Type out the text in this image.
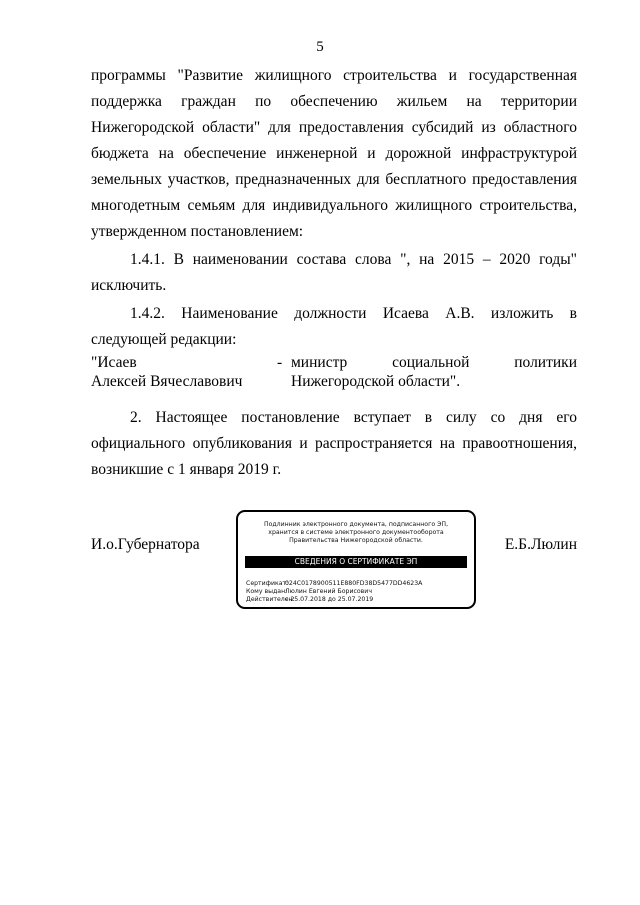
5

программы "Развитие жилищного строительства и государственная поддержка граждан по обеспечению жильем на территории Нижегородской области" для предоставления субсидий из областного бюджета на обеспечение инженерной и дорожной инфраструктурой земельных участков, предназначенных для бесплатного предоставления многодетным семьям для индивидуального жилищного строительства, утвержденном постановлением:

1.4.1. В наименовании состава слова ", на 2015 – 2020 годы" исключить.

1.4.2. Наименование должности Исаева А.В. изложить в следующей редакции:

"Исаев
Алексей Вячеславович
- министр социальной политики
Нижегородской области".

2. Настоящее постановление вступает в силу со дня его официального опубликования и распространяется на правоотношения, возникшие с 1 января 2019 г.

И.о.Губернатора	Е.Б.Люлин
Подлинник электронного документа, подписанного ЭП,
хранится в системе электронного документооборота
Правительства Нижегородской области.
СВЕДЕНИЯ О СЕРТИФИКАТЕ ЭП
Сертификат: 024C0178900511E880FD38D5477DD4623A
Кому выдан: Люлин Евгений Борисович
Действителен: с 25.07.2018 до 25.07.2019
